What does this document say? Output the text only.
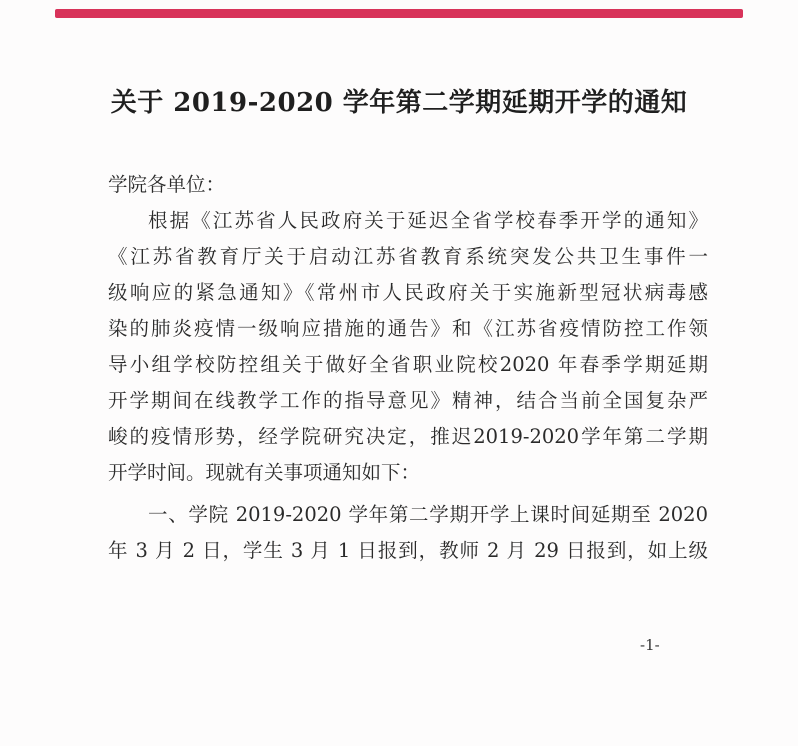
关于 2019-2020 学年第二学期延期开学的通知
学院各单位：
根据《江苏省人民政府关于延迟全省学校春季开学的通知》
《江苏省教育厅关于启动江苏省教育系统突发公共卫生事件一
级响应的紧急通知》《常州市人民政府关于实施新型冠状病毒感
染的肺炎疫情一级响应措施的通告》和《江苏省疫情防控工作领
导小组学校防控组关于做好全省职业院校2020 年春季学期延期
开学期间在线教学工作的指导意见》精神，结合当前全国复杂严
峻的疫情形势，经学院研究决定，推迟2019-2020学年第二学期
开学时间。现就有关事项通知如下：
一、学院 2019-2020 学年第二学期开学上课时间延期至 2020
年 3 月 2 日，学生 3 月 1 日报到，教师 2 月 29 日报到，如上级
-1-
